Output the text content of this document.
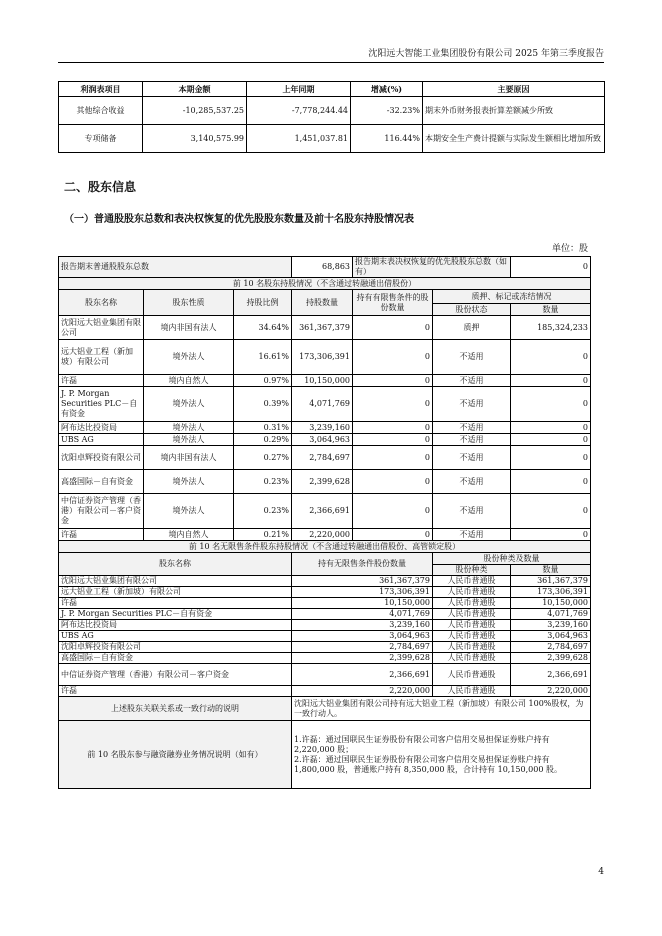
沈阳远大智能工业集团股份有限公司 2025 年第三季度报告
利润表项目	本期金额	上年同期	增减(%)	主要原因
其他综合收益	-10,285,537.25	-7,778,244.44	-32.23%	期末外币财务报表折算差额减少所致
专项储备	3,140,575.99	1,451,037.81	116.44%	本期安全生产费计提额与实际发生额相比增加所致
二、股东信息
（一）普通股股东总数和表决权恢复的优先股股东数量及前十名股东持股情况表
单位：股
报告期末普通股股东总数			68,863	报告期末表决权恢复的优先股股东总数（如有）		0
前 10 名股东持股情况（不含通过转融通出借股份）						
股东名称	股东性质	持股比例	持股数量	持有有限售条件的股份数量	质押、标记或冻结情况	
					股份状态	数量
沈阳远大铝业集团有限公司	境内非国有法人	34.64%	361,367,379	0	质押	185,324,233
远大铝业工程（新加坡）有限公司	境外法人	16.61%	173,306,391	0	不适用	0
许磊	境内自然人	0.97%	10,150,000	0	不适用	0
J. P. Morgan Securities PLC－自有资金	境外法人	0.39%	4,071,769	0	不适用	0
阿布达比投资局	境外法人	0.31%	3,239,160	0	不适用	0
UBS AG	境外法人	0.29%	3,064,963	0	不适用	0
沈阳卓辉投资有限公司	境内非国有法人	0.27%	2,784,697	0	不适用	0
高盛国际－自有资金	境外法人	0.23%	2,399,628	0	不适用	0
中信证券资产管理（香港）有限公司－客户资金	境外法人	0.23%	2,366,691	0	不适用	0
许磊	境内自然人	0.21%	2,220,000	0	不适用	0
前 10 名无限售条件股东持股情况（不含通过转融通出借股份、高管锁定股）						
股东名称			持有无限售条件股份数量		股份种类及数量	
					股份种类	数量
沈阳远大铝业集团有限公司			361,367,379		人民币普通股	361,367,379
远大铝业工程（新加坡）有限公司			173,306,391		人民币普通股	173,306,391
许磊			10,150,000		人民币普通股	10,150,000
J. P. Morgan Securities PLC－自有资金			4,071,769		人民币普通股	4,071,769
阿布达比投资局			3,239,160		人民币普通股	3,239,160
UBS AG			3,064,963		人民币普通股	3,064,963
沈阳卓辉投资有限公司			2,784,697		人民币普通股	2,784,697
高盛国际－自有资金			2,399,628		人民币普通股	2,399,628
中信证券资产管理（香港）有限公司－客户资金			2,366,691		人民币普通股	2,366,691
许磊			2,220,000		人民币普通股	2,220,000
上述股东关联关系或一致行动的说明			沈阳远大铝业集团有限公司持有远大铝业工程（新加坡）有限公司 100%股权，为一致行动人。			
前 10 名股东参与融资融券业务情况说明（如有）			1.许磊：通过国联民生证券股份有限公司客户信用交易担保证券账户持有 2,220,000 股；
2.许磊：通过国联民生证券股份有限公司客户信用交易担保证券账户持有 1,800,000 股，普通账户持有 8,350,000 股，合计持有 10,150,000 股。			
4
